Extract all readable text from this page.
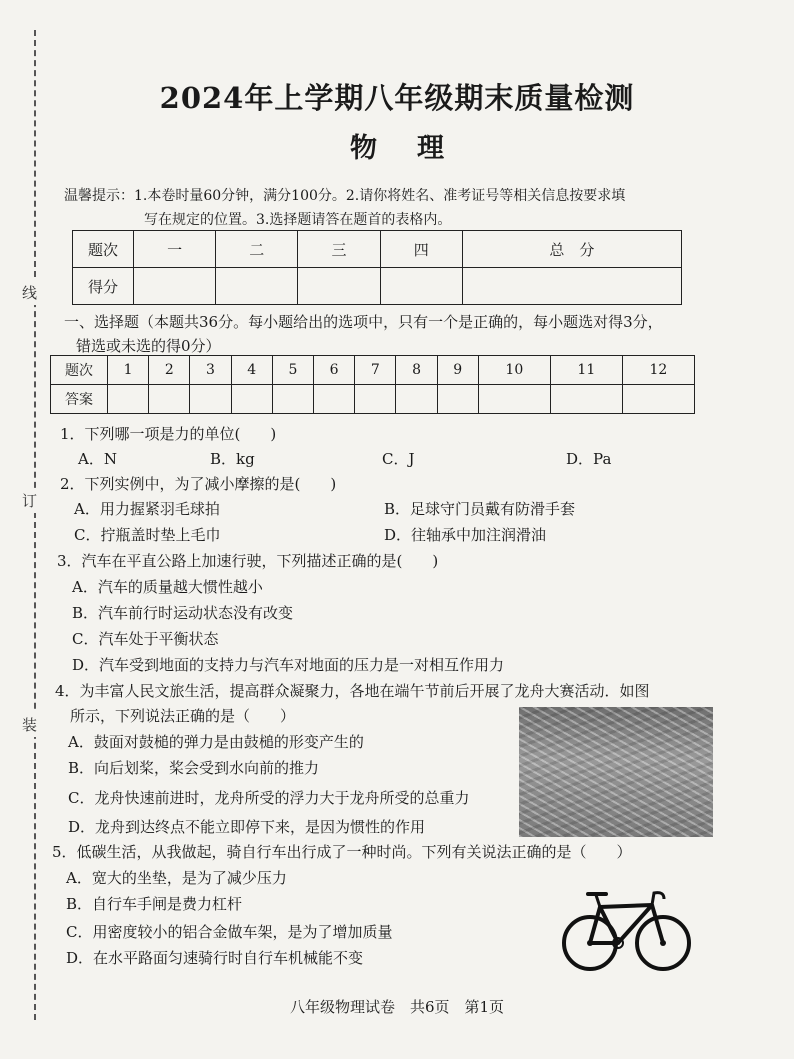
线
订
装
2024年上学期八年级期末质量检测
物理
温馨提示：1.本卷时量60分钟，满分100分。2.请你将姓名、准考证号等相关信息按要求填
写在规定的位置。3.选择题请答在题首的表格内。
题次	一	二	三	四	总　分
得分					
一、选择题（本题共36分。每小题给出的选项中，只有一个是正确的，每小题选对得3分，
错选或未选的得0分）
题次	1	2	3	4	5	6	7	8	9	10	11	12
答案												
1．下列哪一项是力的单位(　　)
A．N	B．kg	C．J	D．Pa
2．下列实例中，为了减小摩擦的是(　　)
A．用力握紧羽毛球拍	B．足球守门员戴有防滑手套
C．拧瓶盖时垫上毛巾	D．往轴承中加注润滑油
3．汽车在平直公路上加速行驶，下列描述正确的是(　　)
A．汽车的质量越大惯性越小
B．汽车前行时运动状态没有改变
C．汽车处于平衡状态
D．汽车受到地面的支持力与汽车对地面的压力是一对相互作用力
4．为丰富人民文旅生活，提高群众凝聚力，各地在端午节前后开展了龙舟大赛活动．如图
所示，下列说法正确的是（　　）
A．鼓面对鼓槌的弹力是由鼓槌的形变产生的
B．向后划桨，桨会受到水向前的推力
C．龙舟快速前进时，龙舟所受的浮力大于龙舟所受的总重力
D．龙舟到达终点不能立即停下来，是因为惯性的作用
5．低碳生活，从我做起，骑自行车出行成了一种时尚。下列有关说法正确的是（　　）
A．宽大的坐垫，是为了减少压力
B．自行车手闸是费力杠杆
C．用密度较小的铝合金做车架，是为了增加质量
D．在水平路面匀速骑行时自行车机械能不变
八年级物理试卷　共6页　第1页
